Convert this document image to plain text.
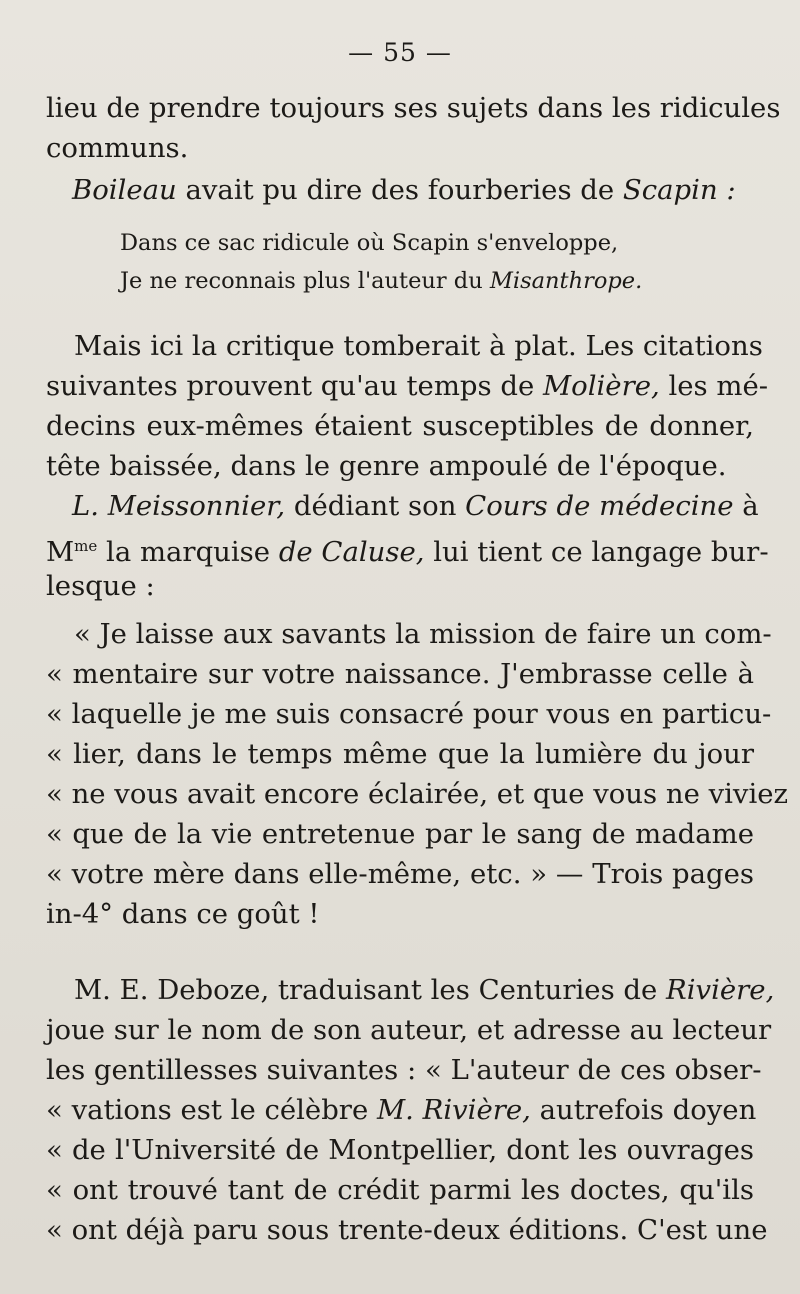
— 55 —
lieu de prendre toujours ses sujets dans les ridicules
communs.
Boileau avait pu dire des fourberies de Scapin :
Dans ce sac ridicule où Scapin s'enveloppe,
Je ne reconnais plus l'auteur du Misanthrope.
Mais ici la critique tomberait à plat. Les citations
suivantes prouvent qu'au temps de Molière, les mé-
decins eux-mêmes étaient susceptibles de donner,
tête baissée, dans le genre ampoulé de l'époque.
L. Meissonnier, dédiant son Cours de médecine à
$M^{me}$ la marquise de Caluse, lui tient ce langage bur-
lesque :
« Je laisse aux savants la mission de faire un com-
« mentaire sur votre naissance. J'embrasse celle à
« laquelle je me suis consacré pour vous en particu-
« lier, dans le temps même que la lumière du jour
« ne vous avait encore éclairée, et que vous ne viviez
« que de la vie entretenue par le sang de madame
« votre mère dans elle-même, etc. » — Trois pages
in-4° dans ce goût !
M. E. Deboze, traduisant les Centuries de Rivière,
joue sur le nom de son auteur, et adresse au lecteur
les gentillesses suivantes : « L'auteur de ces obser-
« vations est le célèbre M. Rivière, autrefois doyen
« de l'Université de Montpellier, dont les ouvrages
« ont trouvé tant de crédit parmi les doctes, qu'ils
« ont déjà paru sous trente-deux éditions. C'est une
